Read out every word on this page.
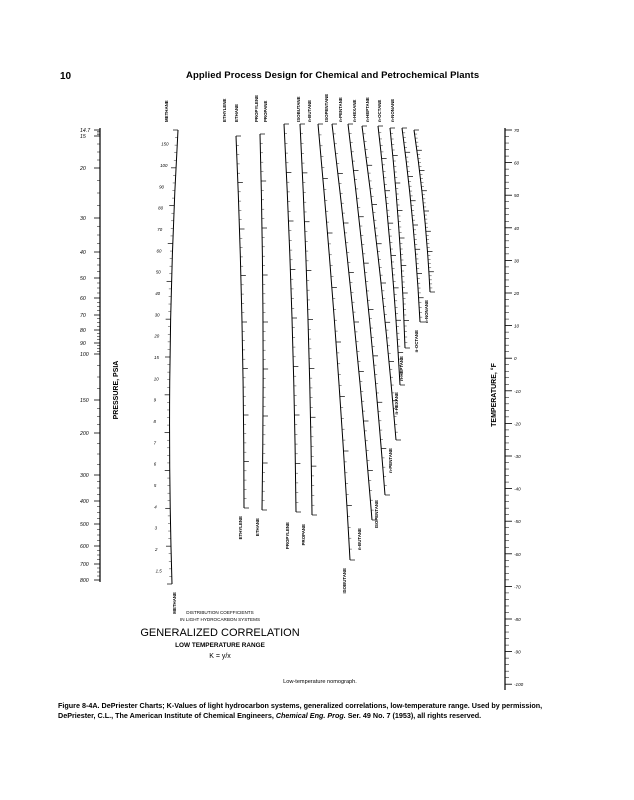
10	Applied Process Design for Chemical and Petrochemical Plants
14.7
15
20
30
40
50
60
70
80
90
100
150
200
300
400
500
600
700
800
PRESSURE, PSIA
70
60
50
40
30
20
10
0
-10
-20
-30
-40
-50
-60
-70
-80
-90
-100
TEMPERATURE, °F
150
100
90
80
70
60
50
40
30
20
15
10
9
8
7
6
5
4
3
2
1.5
METHANE	ETHYLENE ETHANE	PROPYLENE PROPANE	ISOBUTANE n-BUTANE	ISOPENTANE n-PENTANE n-HEXANE n-HEPTANE n-OCTANE n-NONANE
METHANE
ETHYLENE	ETHANE	PROPYLENE	PROPANE
ISOBUTANE
n-BUTANE
ISOPENTANE
n-PENTANE
n-HEXANE
n-HEPTANE
n-OCTANE
n-NONANE
DISTRIBUTION COEFFICIENTS
IN LIGHT HYDROCARBON SYSTEMS
GENERALIZED CORRELATION
LOW TEMPERATURE RANGE
K = y/x
Low-temperature nomograph.
Figure 8-4A. DePriester Charts; K-Values of light hydrocarbon systems, generalized correlations, low-temperature range. Used by permission, DePriester, C.L., The American Institute of Chemical Engineers, Chemical Eng. Prog. Ser. 49 No. 7 (1953), all rights reserved.
